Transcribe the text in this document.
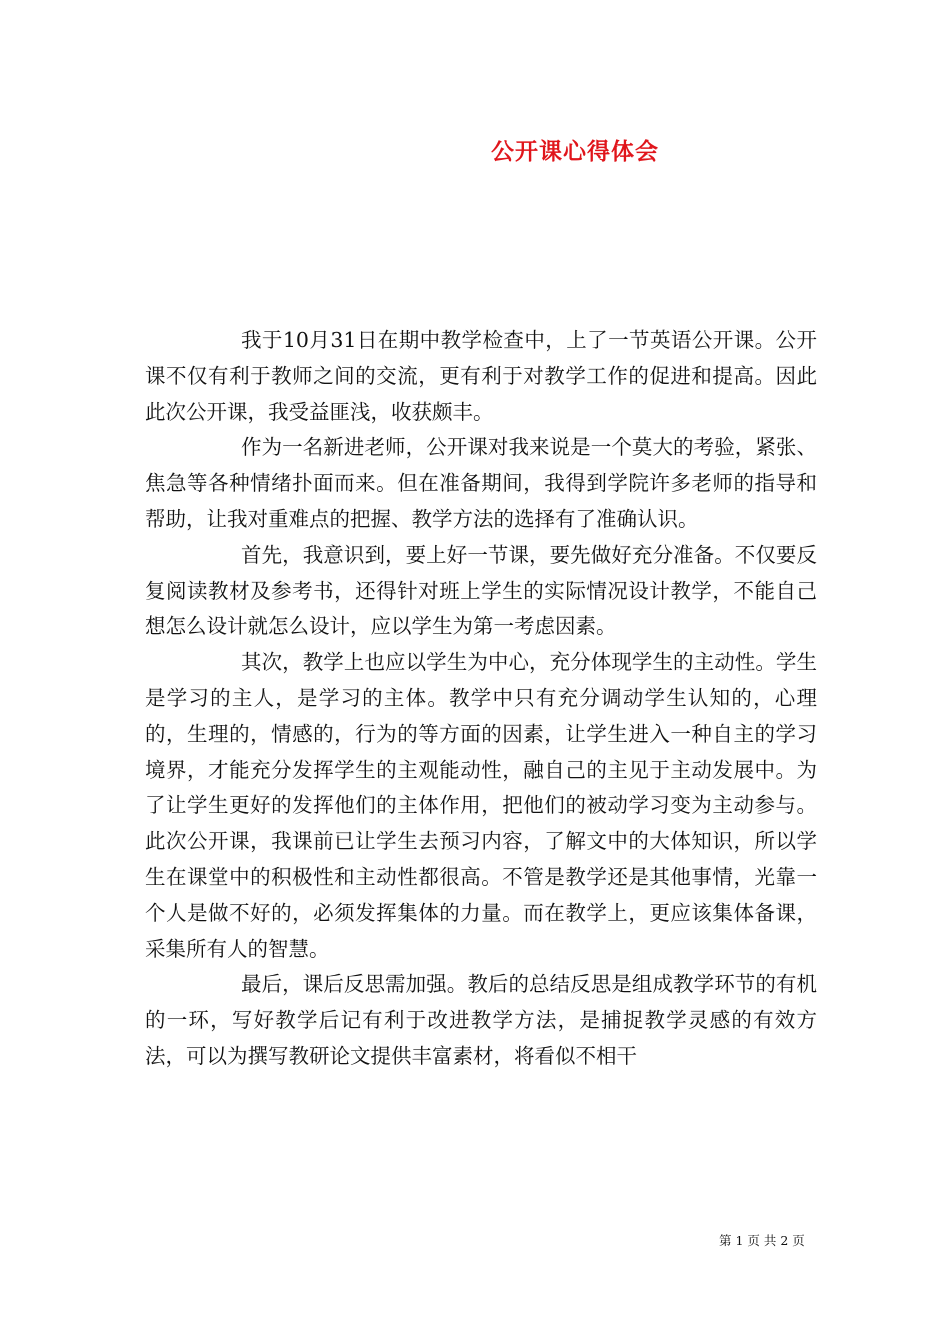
公开课心得体会

我于10月31日在期中教学检查中，上了一节英语公开课。公开课不仅有利于教师之间的交流，更有利于对教学工作的促进和提高。因此此次公开课，我受益匪浅，收获颇丰。

作为一名新进老师，公开课对我来说是一个莫大的考验，紧张、焦急等各种情绪扑面而来。但在准备期间，我得到学院许多老师的指导和帮助，让我对重难点的把握、教学方法的选择有了准确认识。

首先，我意识到，要上好一节课，要先做好充分准备。不仅要反复阅读教材及参考书，还得针对班上学生的实际情况设计教学，不能自己想怎么设计就怎么设计，应以学生为第一考虑因素。

其次，教学上也应以学生为中心，充分体现学生的主动性。学生是学习的主人，是学习的主体。教学中只有充分调动学生认知的，心理的，生理的，情感的，行为的等方面的因素，让学生进入一种自主的学习境界，才能充分发挥学生的主观能动性，融自己的主见于主动发展中。为了让学生更好的发挥他们的主体作用，把他们的被动学习变为主动参与。此次公开课，我课前已让学生去预习内容，了解文中的大体知识，所以学生在课堂中的积极性和主动性都很高。不管是教学还是其他事情，光靠一个人是做不好的，必须发挥集体的力量。而在教学上，更应该集体备课，采集所有人的智慧。

最后，课后反思需加强。教后的总结反思是组成教学环节的有机的一环，写好教学后记有利于改进教学方法，是捕捉教学灵感的有效方法，可以为撰写教研论文提供丰富素材，将看似不相干

第 1 页 共 2 页
